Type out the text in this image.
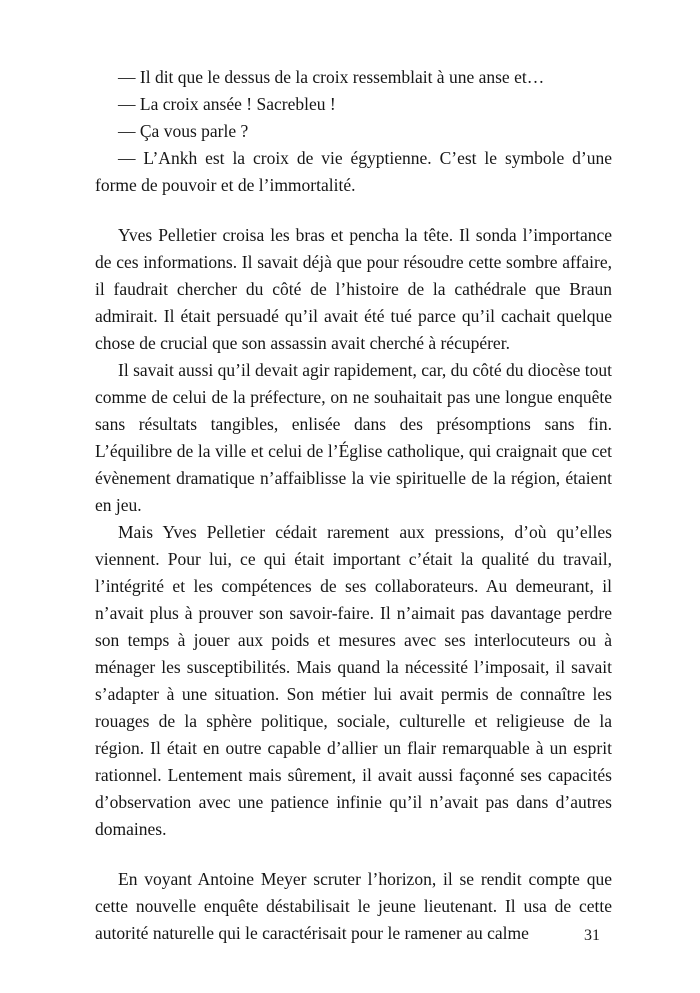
— Il dit que le dessus de la croix ressemblait à une anse et…

— La croix ansée ! Sacrebleu !

— Ça vous parle ?

— L’Ankh est la croix de vie égyptienne. C’est le symbole d’une forme de pouvoir et de l’immortalité.

Yves Pelletier croisa les bras et pencha la tête. Il sonda l’importance de ces informations. Il savait déjà que pour résoudre cette sombre affaire, il faudrait chercher du côté de l’histoire de la cathédrale que Braun admirait. Il était persuadé qu’il avait été tué parce qu’il cachait quelque chose de crucial que son assassin avait cherché à récupérer.

Il savait aussi qu’il devait agir rapidement, car, du côté du diocèse tout comme de celui de la préfecture, on ne souhaitait pas une longue enquête sans résultats tangibles, enlisée dans des présomptions sans fin. L’équilibre de la ville et celui de l’Église catholique, qui craignait que cet évènement dramatique n’affaiblisse la vie spirituelle de la région, étaient en jeu.

Mais Yves Pelletier cédait rarement aux pressions, d’où qu’elles viennent. Pour lui, ce qui était important c’était la qualité du travail, l’intégrité et les compétences de ses collaborateurs. Au demeurant, il n’avait plus à prouver son savoir-faire. Il n’aimait pas davantage perdre son temps à jouer aux poids et mesures avec ses interlocuteurs ou à ménager les susceptibilités. Mais quand la nécessité l’imposait, il savait s’adapter à une situation. Son métier lui avait permis de connaître les rouages de la sphère politique, sociale, culturelle et religieuse de la région. Il était en outre capable d’allier un flair remarquable à un esprit rationnel. Lentement mais sûrement, il avait aussi façonné ses capacités d’observation avec une patience infinie qu’il n’avait pas dans d’autres domaines.

En voyant Antoine Meyer scruter l’horizon, il se rendit compte que cette nouvelle enquête déstabilisait le jeune lieutenant. Il usa de cette autorité naturelle qui le caractérisait pour le ramener au calme	31
